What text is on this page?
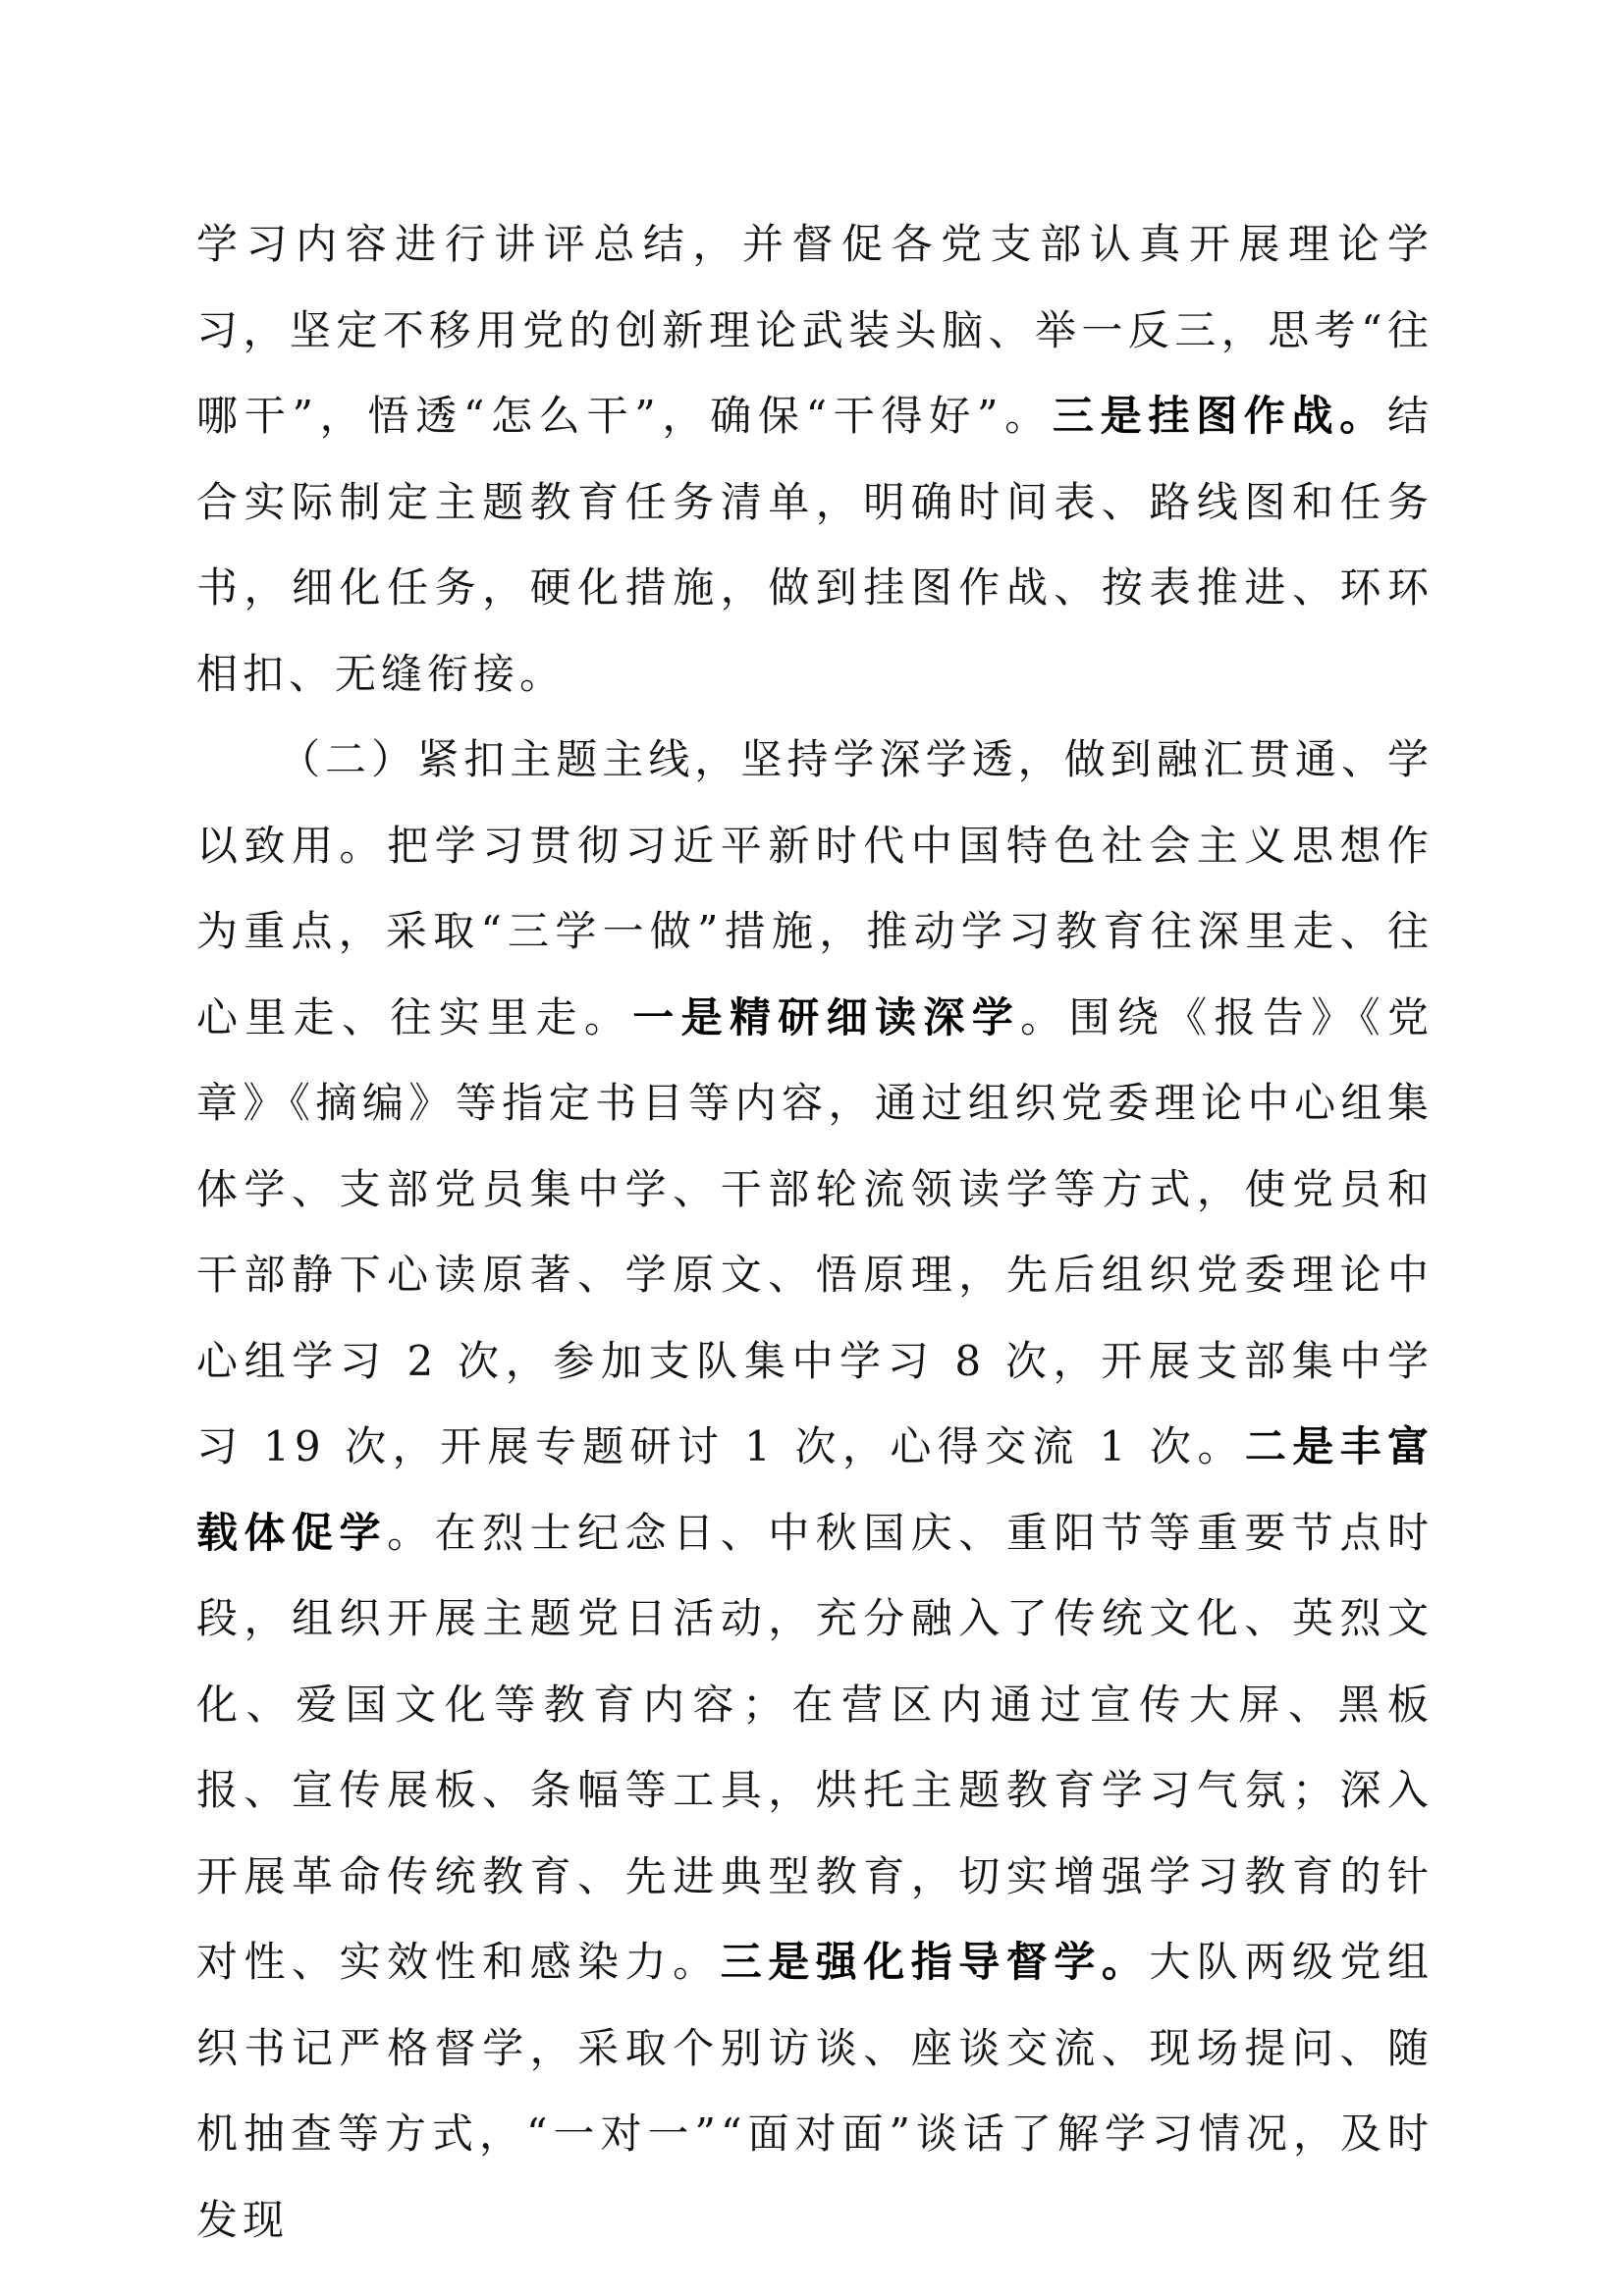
学习内容进行讲评总结，并督促各党支部认真开展理论学习，坚定不移用党的创新理论武装头脑、举一反三，思考“往哪干”，悟透“怎么干”，确保“干得好”。三是挂图作战。结合实际制定主题教育任务清单，明确时间表、路线图和任务书，细化任务，硬化措施，做到挂图作战、按表推进、环环相扣、无缝衔接。

（二）紧扣主题主线，坚持学深学透，做到融汇贯通、学以致用。把学习贯彻习近平新时代中国特色社会主义思想作为重点，采取“三学一做”措施，推动学习教育往深里走、往心里走、往实里走。一是精研细读深学。围绕《报告》《党章》《摘编》等指定书目等内容，通过组织党委理论中心组集体学、支部党员集中学、干部轮流领读学等方式，使党员和干部静下心读原著、学原文、悟原理，先后组织党委理论中心组学习 2 次，参加支队集中学习 8 次，开展支部集中学习 19 次，开展专题研讨 1 次，心得交流 1 次。二是丰富载体促学。在烈士纪念日、中秋国庆、重阳节等重要节点时段，组织开展主题党日活动，充分融入了传统文化、英烈文化、爱国文化等教育内容；在营区内通过宣传大屏、黑板报、宣传展板、条幅等工具，烘托主题教育学习气氛；深入开展革命传统教育、先进典型教育，切实增强学习教育的针对性、实效性和感染力。三是强化指导督学。大队两级党组织书记严格督学，采取个别访谈、座谈交流、现场提问、随机抽查等方式，“一对一”“面对面”谈话了解学习情况，及时发现
